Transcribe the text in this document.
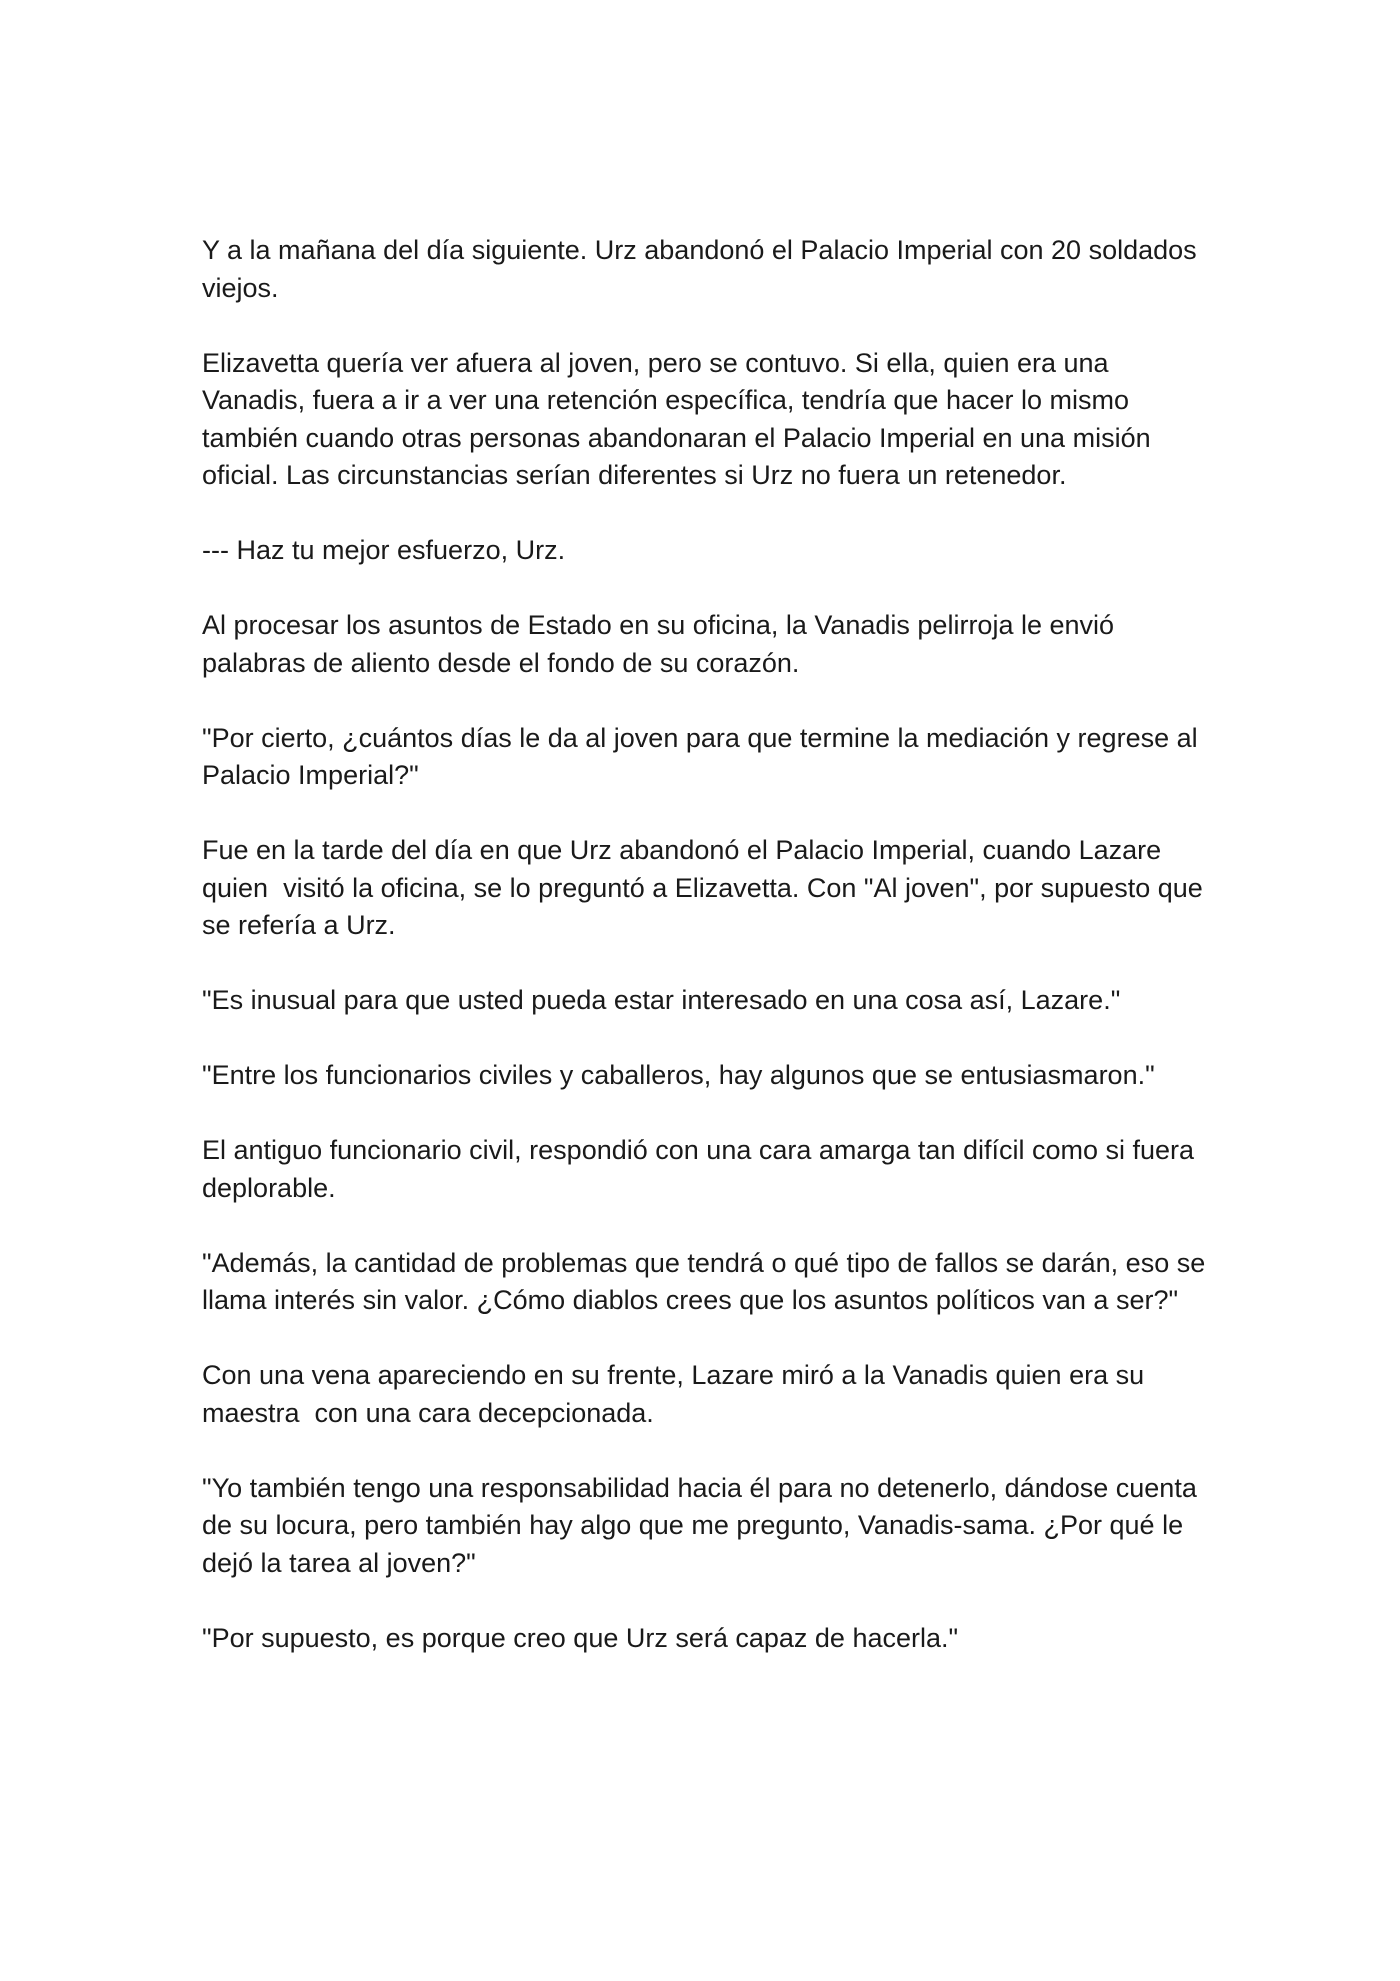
Y a la mañana del día siguiente. Urz abandonó el Palacio Imperial con 20 soldados viejos.

Elizavetta quería ver afuera al joven, pero se contuvo. Si ella, quien era una Vanadis, fuera a ir a ver una retención específica, tendría que hacer lo mismo también cuando otras personas abandonaran el Palacio Imperial en una misión oficial. Las circunstancias serían diferentes si Urz no fuera un retenedor.

--- Haz tu mejor esfuerzo, Urz.

Al procesar los asuntos de Estado en su oficina, la Vanadis pelirroja le envió palabras de aliento desde el fondo de su corazón.

"Por cierto, ¿cuántos días le da al joven para que termine la mediación y regrese al Palacio Imperial?"

Fue en la tarde del día en que Urz abandonó el Palacio Imperial, cuando Lazare quien  visitó la oficina, se lo preguntó a Elizavetta. Con "Al joven", por supuesto que se refería a Urz.

"Es inusual para que usted pueda estar interesado en una cosa así, Lazare."

"Entre los funcionarios civiles y caballeros, hay algunos que se entusiasmaron."

El antiguo funcionario civil, respondió con una cara amarga tan difícil como si fuera  deplorable.

"Además, la cantidad de problemas que tendrá o qué tipo de fallos se darán, eso se llama interés sin valor. ¿Cómo diablos crees que los asuntos políticos van a ser?"

Con una vena apareciendo en su frente, Lazare miró a la Vanadis quien era su maestra  con una cara decepcionada.

"Yo también tengo una responsabilidad hacia él para no detenerlo, dándose cuenta de su locura, pero también hay algo que me pregunto, Vanadis-sama. ¿Por qué le dejó la tarea al joven?"

"Por supuesto, es porque creo que Urz será capaz de hacerla."
